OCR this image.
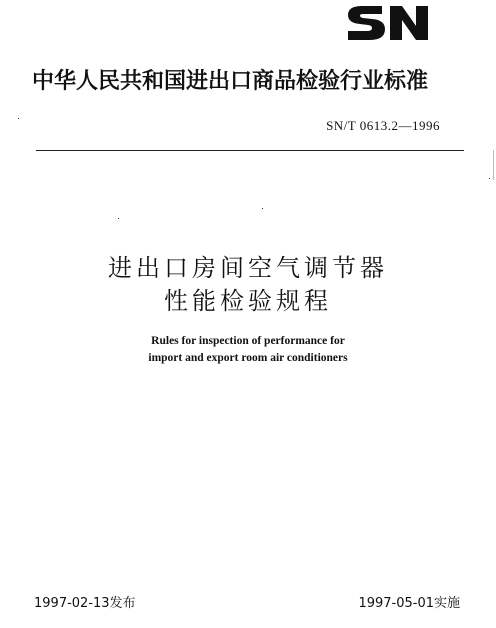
中华人民共和国进出口商品检验行业标准
SN/T 0613.2—1996
进出口房间空气调节器
性能检验规程
Rules for inspection of performance for
import and export room air conditioners
1997-02-13发布	1997-05-01实施
